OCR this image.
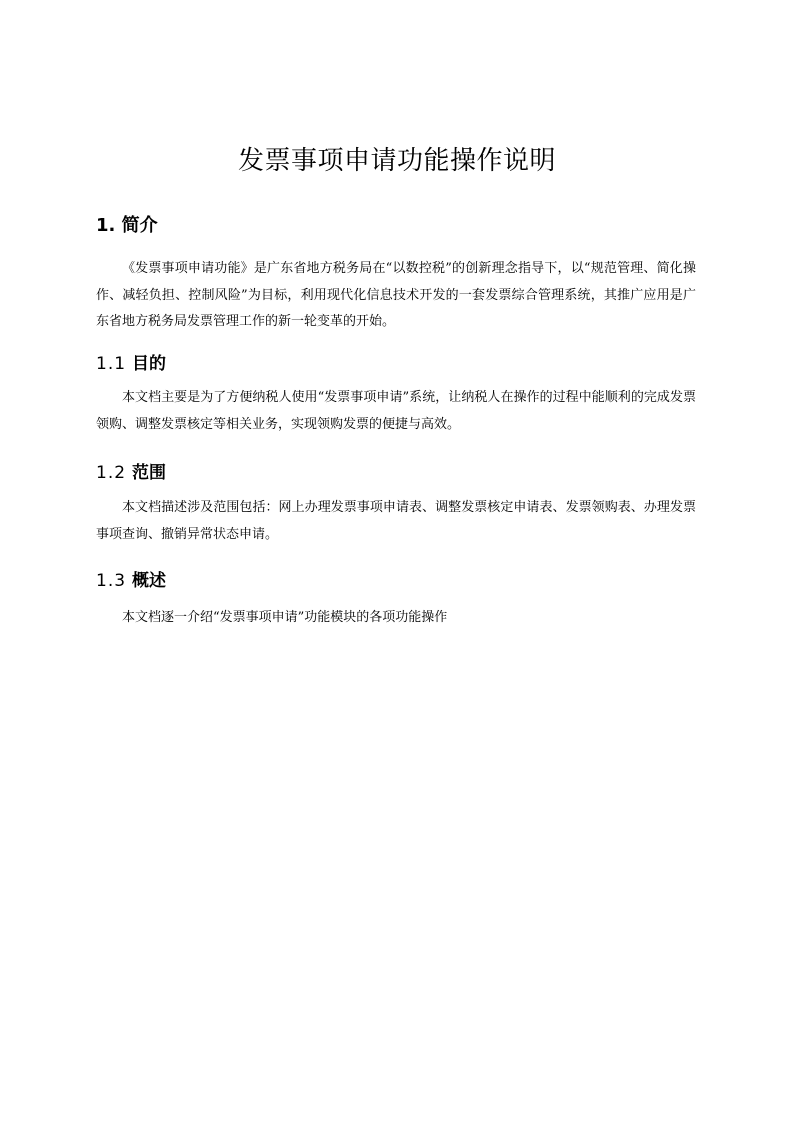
发票事项申请功能操作说明
1. 简介
《发票事项申请功能》是广东省地方税务局在“以数控税”的创新理念指导下，以“规范管理、简化操作、减轻负担、控制风险”为目标，利用现代化信息技术开发的一套发票综合管理系统，其推广应用是广东省地方税务局发票管理工作的新一轮变革的开始。
1.1 目的
本文档主要是为了方便纳税人使用“发票事项申请”系统，让纳税人在操作的过程中能顺利的完成发票领购、调整发票核定等相关业务，实现领购发票的便捷与高效。
1.2 范围
本文档描述涉及范围包括：网上办理发票事项申请表、调整发票核定申请表、发票领购表、办理发票事项查询、撤销异常状态申请。
1.3 概述
本文档逐一介绍“发票事项申请”功能模块的各项功能操作
